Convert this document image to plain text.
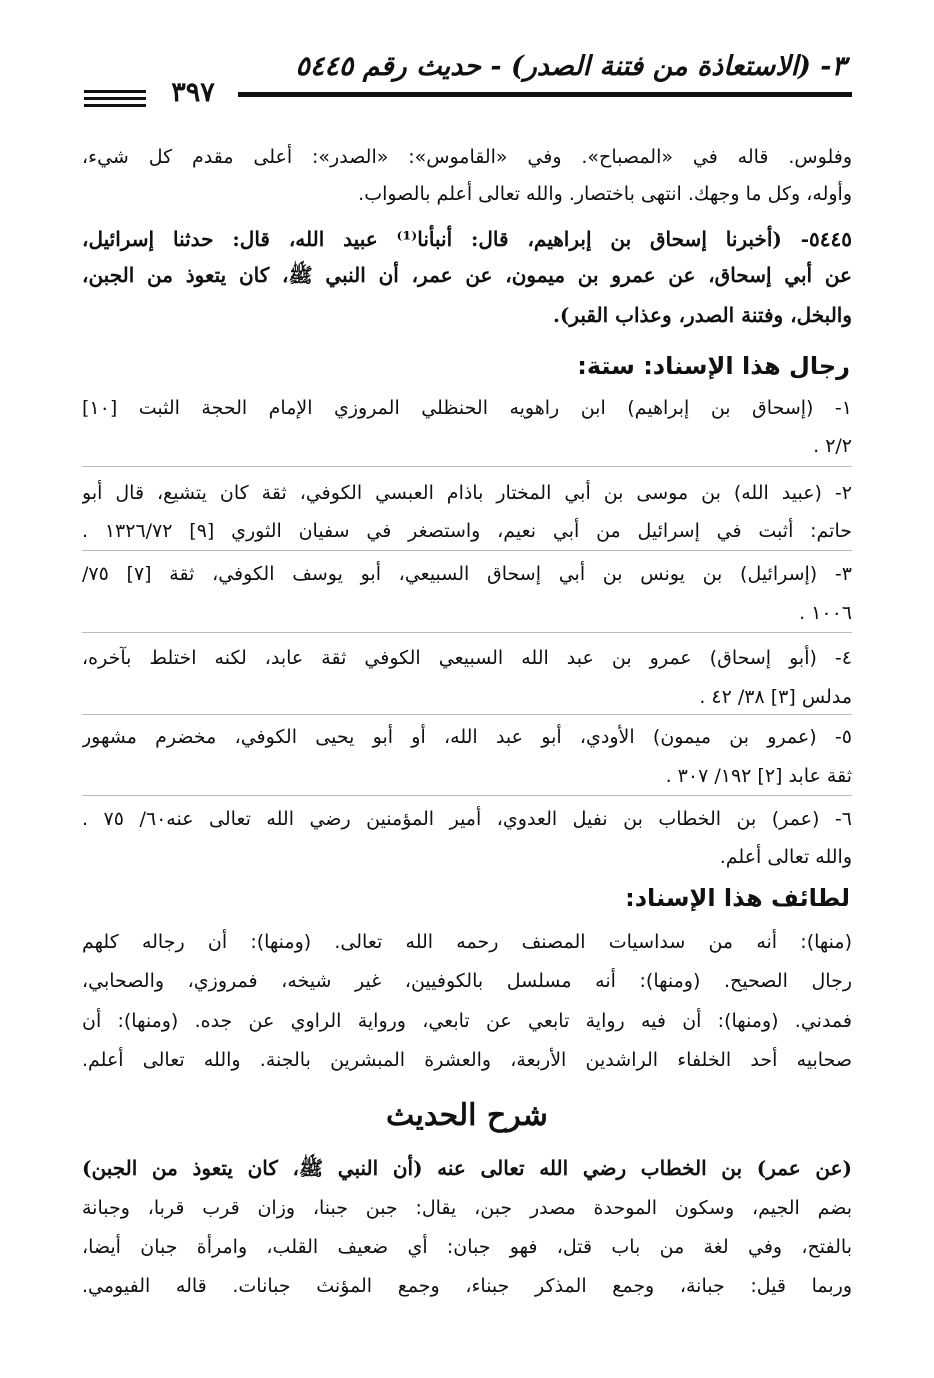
٣- (الاستعاذة من فتنة الصدر) - حديث رقم ٥٤٤٥
٣٩٧
وفلوس. قاله في «المصباح». وفي «القاموس»: «الصدر»: أعلى مقدم كل شيء،
وأوله، وكل ما وجهك. انتهى باختصار. والله تعالى أعلم بالصواب.
٥٤٤٥- (أخبرنا إسحاق بن إبراهيم، قال: أنبأنا⁽¹⁾ عبيد الله، قال: حدثنا إسرائيل،
عن أبي إسحاق، عن عمرو بن ميمون، عن عمر، أن النبي ﷺ، كان يتعوذ من الجبن،
والبخل، وفتنة الصدر، وعذاب القبر).
رجال هذا الإسناد: ستة:
١- (إسحاق بن إبراهيم) ابن راهويه الحنظلي المروزي الإمام الحجة الثبت [١٠]
٢/٢ .
٢- (عبيد الله) بن موسى بن أبي المختار باذام العبسي الكوفي، ثقة كان يتشيع، قال أبو
حاتم: أثبت في إسرائيل من أبي نعيم، واستصغر في سفيان الثوري [٩] ١٣٢٦/٧٢ .
٣- (إسرائيل) بن يونس بن أبي إسحاق السبيعي، أبو يوسف الكوفي، ثقة [٧] ٧٥/
١٠٠٦ .
٤- (أبو إسحاق) عمرو بن عبد الله السبيعي الكوفي ثقة عابد، لكنه اختلط بآخره،
مدلس [٣] ٣٨/ ٤٢ .
٥- (عمرو بن ميمون) الأودي، أبو عبد الله، أو أبو يحيى الكوفي، مخضرم مشهور
ثقة عابد [٢] ١٩٢/ ٣٠٧ .
٦- (عمر) بن الخطاب بن نفيل العدوي، أمير المؤمنين رضي الله تعالى عنه٦٠/ ٧٥ .
والله تعالى أعلم.
لطائف هذا الإسناد:
(منها): أنه من سداسيات المصنف رحمه الله تعالى. (ومنها): أن رجاله كلهم
رجال الصحيح. (ومنها): أنه مسلسل بالكوفيين، غير شيخه، فمروزي، والصحابي،
فمدني. (ومنها): أن فيه رواية تابعي عن تابعي، ورواية الراوي عن جده. (ومنها): أن
صحابيه أحد الخلفاء الراشدين الأربعة، والعشرة المبشرين بالجنة. والله تعالى أعلم.
شرح الحديث
(عن عمر) بن الخطاب رضي الله تعالى عنه (أن النبي ﷺ، كان يتعوذ من الجبن)
بضم الجيم، وسكون الموحدة مصدر جبن، يقال: جبن جبنا، وزان قرب قربا، وجبانة
بالفتح، وفي لغة من باب قتل، فهو جبان: أي ضعيف القلب، وامرأة جبان أيضا،
وربما قيل: جبانة، وجمع المذكر جبناء، وجمع المؤنث جبانات. قاله الفيومي.
